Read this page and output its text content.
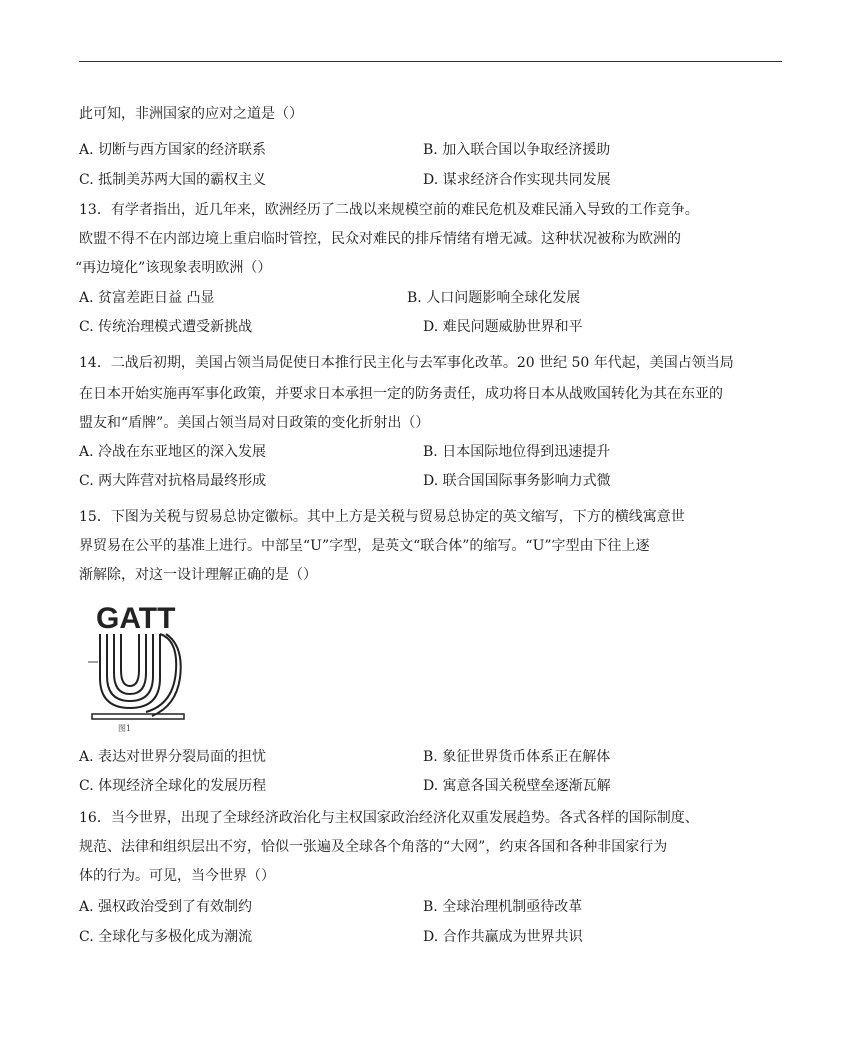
此可知，非洲国家的应对之道是（）
A. 切断与西方国家的经济联系	B. 加入联合国以争取经济援助
C. 抵制美苏两大国的霸权主义	D. 谋求经济合作实现共同发展
13．有学者指出，近几年来，欧洲经历了二战以来规模空前的难民危机及难民涌入导致的工作竞争。
欧盟不得不在内部边境上重启临时管控，民众对难民的排斥情绪有增无减。这种状况被称为欧洲的
“再边境化”该现象表明欧洲（）
A. 贫富差距日益 凸显	B. 人口问题影响全球化发展
C. 传统治理模式遭受新挑战	D. 难民问题威胁世界和平
14．二战后初期，美国占领当局促使日本推行民主化与去军事化改革。20 世纪 50 年代起，美国占领当局
在日本开始实施再军事化政策，并要求日本承担一定的防务责任，成功将日本从战败国转化为其在东亚的
盟友和“盾牌”。美国占领当局对日政策的变化折射出（）
A. 冷战在东亚地区的深入发展	B. 日本国际地位得到迅速提升
C. 两大阵营对抗格局最终形成	D. 联合国国际事务影响力式微
15．下图为关税与贸易总协定徽标。其中上方是关税与贸易总协定的英文缩写，下方的横线寓意世
界贸易在公平的基准上进行。中部呈“U”字型，是英文“联合体”的缩写。“U”字型由下往上逐
渐解除，对这一设计理解正确的是（）
GATT
图1
A. 表达对世界分裂局面的担忧	B. 象征世界货币体系正在解体
C. 体现经济全球化的发展历程	D. 寓意各国关税壁垒逐渐瓦解
16．当今世界，出现了全球经济政治化与主权国家政治经济化双重发展趋势。各式各样的国际制度、
规范、法律和组织层出不穷，恰似一张遍及全球各个角落的“大网”，约束各国和各种非国家行为
体的行为。可见，当今世界（）
A. 强权政治受到了有效制约	B. 全球治理机制亟待改革
C. 全球化与多极化成为潮流	D. 合作共赢成为世界共识
